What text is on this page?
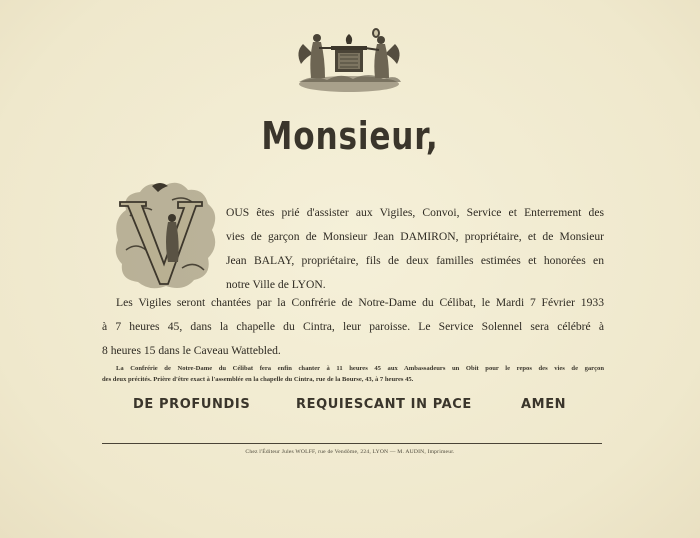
Monsieur,
OUS êtes prié d'assister aux Vigiles, Convoi, Service et Enterrement des
vies de garçon de Monsieur Jean DAMIRON, propriétaire, et de Monsieur
Jean BALAY, propriétaire, fils de deux familles estimées et honorées en
notre Ville de LYON.
Les Vigiles seront chantées par la Confrérie de Notre-Dame du Célibat, le Mardi 7 Février 1933
à 7 heures 45, dans la chapelle du Cintra, leur paroisse. Le Service Solennel sera célébré à
8 heures 15 dans le Caveau Wattebled.
La Confrérie de Notre-Dame du Célibat fera enfin chanter à 11 heures 45 aux Ambassadeurs un Obit pour le repos des vies de garçon
des deux précités. Prière d'être exact à l'assemblée en la chapelle du Cintra, rue de la Bourse, 43, à 7 heures 45.
DE PROFUNDIS	REQUIESCANT IN PACE	AMEN
Chez l'Éditeur Jules WOLFF, rue de Vendôme, 224, LYON — M. AUDIN, Imprimeur.
